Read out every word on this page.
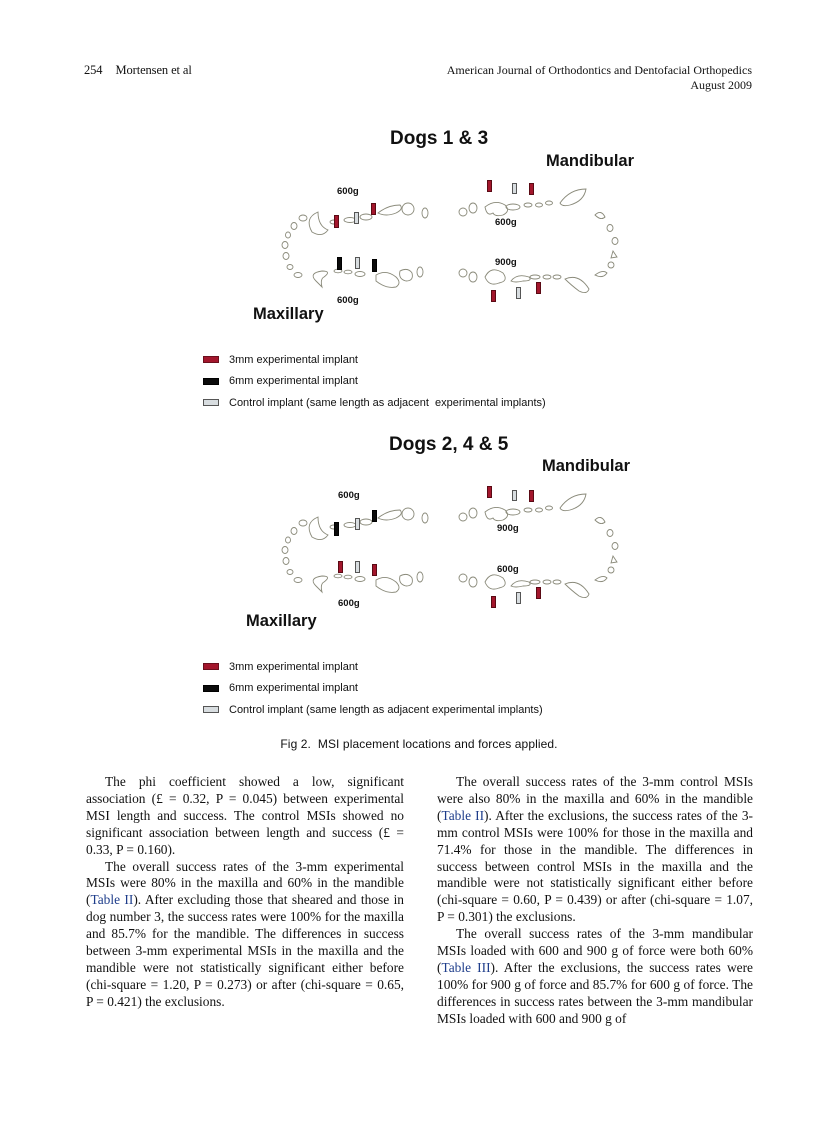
254 Mortensen et al	American Journal of Orthodontics and Dentofacial Orthopedics
August 2009
Dogs 1 & 3
Mandibular
Maxillary
600g
600g
600g
900g
3mm experimental implant
6mm experimental implant
Control implant (same length as adjacent  experimental implants)
Dogs 2, 4 & 5
Mandibular
Maxillary
600g
600g
900g
600g
3mm experimental implant
6mm experimental implant
Control implant (same length as adjacent experimental implants)
Fig 2.  MSI placement locations and forces applied.

The phi coefficient showed a low, significant association (£ = 0.32, P = 0.045) between experimental MSI length and success. The control MSIs showed no significant association between length and success (£ = 0.33, P = 0.160).

The overall success rates of the 3-mm experimental MSIs were 80% in the maxilla and 60% in the mandible (Table II). After excluding those that sheared and those in dog number 3, the success rates were 100% for the maxilla and 85.7% for the mandible. The differences in success between 3-mm experimental MSIs in the maxilla and the mandible were not statistically significant either before (chi-square = 1.20, P = 0.273) or after (chi-square = 0.65, P = 0.421) the exclusions.

The overall success rates of the 3-mm control MSIs were also 80% in the maxilla and 60% in the mandible (Table II). After the exclusions, the success rates of the 3-mm control MSIs were 100% for those in the maxilla and 71.4% for those in the mandible. The differences in success between control MSIs in the maxilla and the mandible were not statistically significant either before (chi-square = 0.60, P = 0.439) or after (chi-square = 1.07, P = 0.301) the exclusions.

The overall success rates of the 3-mm mandibular MSIs loaded with 600 and 900 g of force were both 60% (Table III). After the exclusions, the success rates were 100% for 900 g of force and 85.7% for 600 g of force. The differences in success rates between the 3-mm mandibular MSIs loaded with 600 and 900 g of
